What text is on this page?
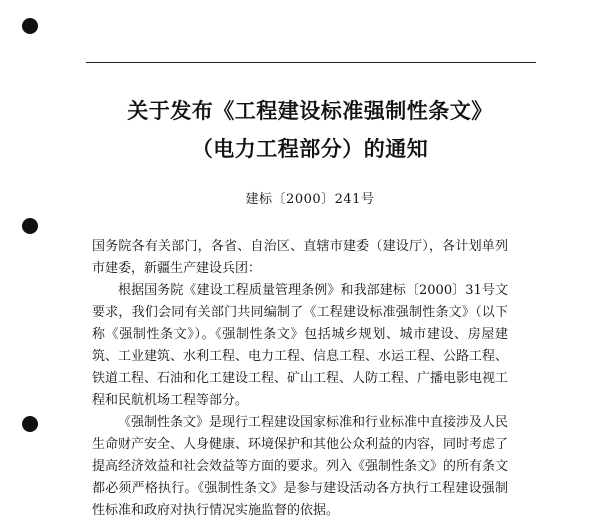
关于发布《工程建设标准强制性条文》
（电力工程部分）的通知
建标〔2000〕241号

国务院各有关部门，各省、自治区、直辖市建委（建设厅），各计划单列市建委，新疆生产建设兵团：

根据国务院《建设工程质量管理条例》和我部建标〔2000〕31号文要求，我们会同有关部门共同编制了《工程建设标准强制性条文》（以下称《强制性条文》）。《强制性条文》包括城乡规划、城市建设、房屋建筑、工业建筑、水利工程、电力工程、信息工程、水运工程、公路工程、铁道工程、石油和化工建设工程、矿山工程、人防工程、广播电影电视工程和民航机场工程等部分。

《强制性条文》是现行工程建设国家标准和行业标准中直接涉及人民生命财产安全、人身健康、环境保护和其他公众利益的内容，同时考虑了提高经济效益和社会效益等方面的要求。列入《强制性条文》的所有条文都必须严格执行。《强制性条文》是参与建设活动各方执行工程建设强制性标准和政府对执行情况实施监督的依据。
